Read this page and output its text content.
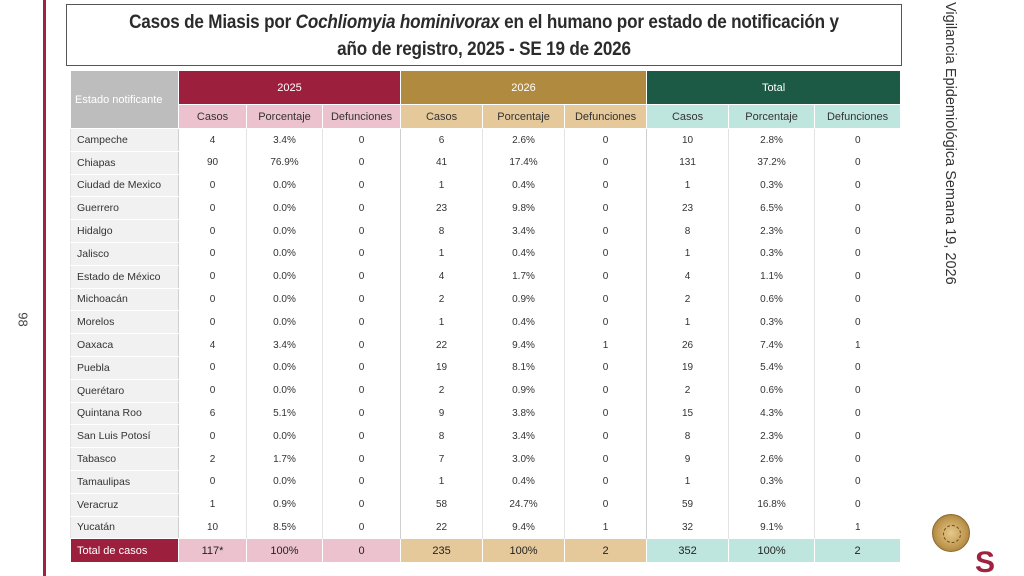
98
Casos de Miasis por Cochliomyia hominivorax en el humano por estado de notificación y
año de registro, 2025 - SE 19 de 2026
Estado notificante	2025			2026			Total		
	Casos	Porcentaje	Defunciones	Casos	Porcentaje	Defunciones	Casos	Porcentaje	Defunciones
Campeche	4	3.4%	0	6	2.6%	0	10	2.8%	0
Chiapas	90	76.9%	0	41	17.4%	0	131	37.2%	0
Ciudad de Mexico	0	0.0%	0	1	0.4%	0	1	0.3%	0
Guerrero	0	0.0%	0	23	9.8%	0	23	6.5%	0
Hidalgo	0	0.0%	0	8	3.4%	0	8	2.3%	0
Jalisco	0	0.0%	0	1	0.4%	0	1	0.3%	0
Estado de México	0	0.0%	0	4	1.7%	0	4	1.1%	0
Michoacán	0	0.0%	0	2	0.9%	0	2	0.6%	0
Morelos	0	0.0%	0	1	0.4%	0	1	0.3%	0
Oaxaca	4	3.4%	0	22	9.4%	1	26	7.4%	1
Puebla	0	0.0%	0	19	8.1%	0	19	5.4%	0
Querétaro	0	0.0%	0	2	0.9%	0	2	0.6%	0
Quintana Roo	6	5.1%	0	9	3.8%	0	15	4.3%	0
San Luis Potosí	0	0.0%	0	8	3.4%	0	8	2.3%	0
Tabasco	2	1.7%	0	7	3.0%	0	9	2.6%	0
Tamaulipas	0	0.0%	0	1	0.4%	0	1	0.3%	0
Veracruz	1	0.9%	0	58	24.7%	0	59	16.8%	0
Yucatán	10	8.5%	0	22	9.4%	1	32	9.1%	1
Total de casos	117*	100%	0	235	100%	2	352	100%	2
Vigilancia Epidemiológica Semana 19, 2026
S
